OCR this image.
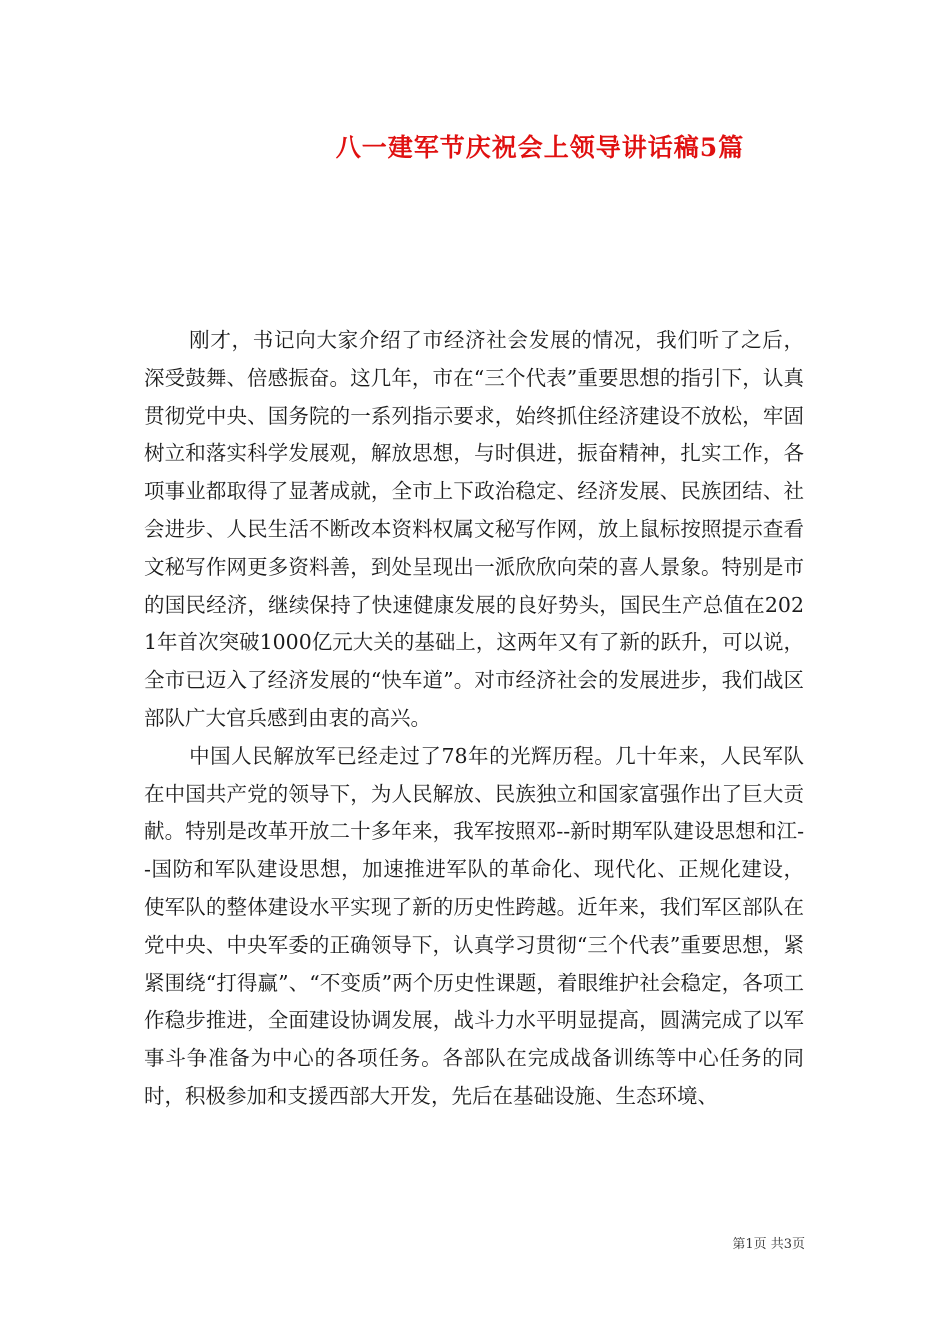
八一建军节庆祝会上领导讲话稿5篇

刚才，书记向大家介绍了市经济社会发展的情况，我们听了之后，深受鼓舞、倍感振奋。这几年，市在“三个代表”重要思想的指引下，认真贯彻党中央、国务院的一系列指示要求，始终抓住经济建设不放松，牢固树立和落实科学发展观，解放思想，与时俱进，振奋精神，扎实工作，各项事业都取得了显著成就，全市上下政治稳定、经济发展、民族团结、社会进步、人民生活不断改本资料权属文秘写作网，放上鼠标按照提示查看文秘写作网更多资料善，到处呈现出一派欣欣向荣的喜人景象。特别是市的国民经济，继续保持了快速健康发展的良好势头，国民生产总值在2021年首次突破1000亿元大关的基础上，这两年又有了新的跃升，可以说，全市已迈入了经济发展的“快车道”。对市经济社会的发展进步，我们战区部队广大官兵感到由衷的高兴。

中国人民解放军已经走过了78年的光辉历程。几十年来，人民军队在中国共产党的领导下，为人民解放、民族独立和国家富强作出了巨大贡献。特别是改革开放二十多年来，我军按照邓--新时期军队建设思想和江--国防和军队建设思想，加速推进军队的革命化、现代化、正规化建设，使军队的整体建设水平实现了新的历史性跨越。近年来，我们军区部队在党中央、中央军委的正确领导下，认真学习贯彻“三个代表”重要思想，紧紧围绕“打得赢”、“不变质”两个历史性课题，着眼维护社会稳定，各项工作稳步推进，全面建设协调发展，战斗力水平明显提高，圆满完成了以军事斗争准备为中心的各项任务。各部队在完成战备训练等中心任务的同时，积极参加和支援西部大开发，先后在基础设施、生态环境、

第1页 共3页
